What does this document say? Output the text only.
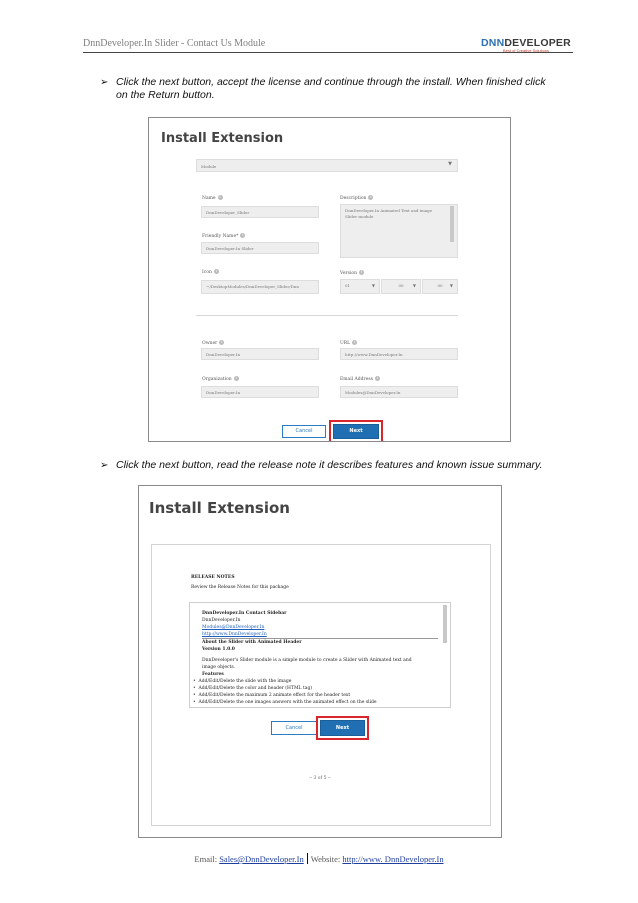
DnnDeveloper.In Slider - Contact Us Module	DNNDEVELOPER
Best of Creative Solutions
➢ Click the next button, accept the license and continue through the install. When finished click
on the Return button.
Install Extension
Module	▼
Name i
DnnDeveloper_Slider
Friendly Name* i
DnnDeveloper.In Slider
Icon i
~/DesktopModules/DnnDeveloper_Slider/Dnn
Description i
DnnDeveloper.In Animated Text and image Slider module
Version i
01	▼	00 ▼	00 ▼
Owner i
DnnDeveloper.In
Organization i
DnnDeveloper.In
URL i
http://www.DnnDeveloper.In
Email Address i
Modules@DnnDeveloper.In
Cancel	Next
➢ Click the next button, read the release note it describes features and known issue summary.
Install Extension
RELEASE NOTES
Review the Release Notes for this package
DnnDeveloper.In Contact Sidebar
DnnDeveloper.In
Modules@DnnDeveloper.In
http://www.DnnDeveloper.In
About the Slider with Animated Header
Version 1.0.0
DnnDeveloper's Slider module is a simple module to create a Slider with Animated text and
image objects.
Features
•  Add/Edit/Delete the slide with the image
•  Add/Edit/Delete the color and header (HTML tag)
•  Add/Edit/Delete the maximum 2 animate effect for the header text
•  Add/Edit/Delete the one images answers with the animated effect on the slide
Cancel	Next
-- 3 of 5 --
Email: Sales@DnnDeveloper.In Website: http://www. DnnDeveloper.In
